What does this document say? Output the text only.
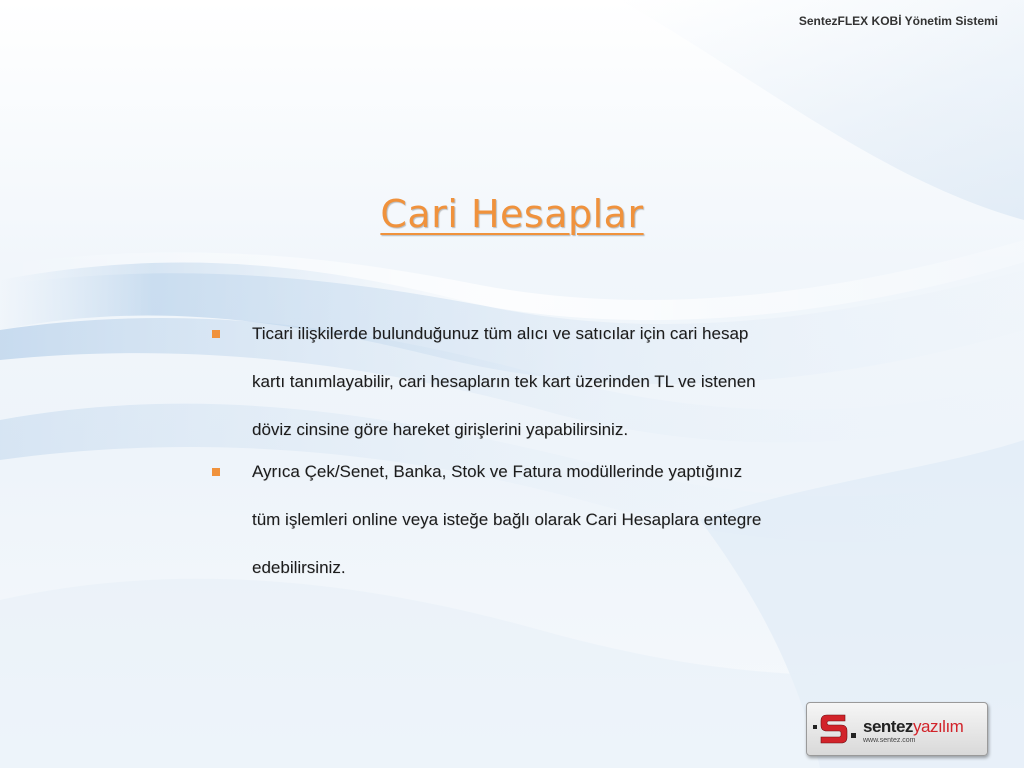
SentezFLEX KOBİ Yönetim Sistemi
Cari Hesaplar
Ticari ilişkilerde bulunduğunuz tüm alıcı ve satıcılar için cari hesap
kartı tanımlayabilir, cari hesapların tek kart üzerinden TL ve istenen
döviz cinsine göre hareket girişlerini yapabilirsiniz.
Ayrıca Çek/Senet, Banka, Stok ve Fatura modüllerinde yaptığınız
tüm işlemleri online veya isteğe bağlı olarak Cari Hesaplara entegre
edebilirsiniz.
sentez yazılım
www.sentez.com
